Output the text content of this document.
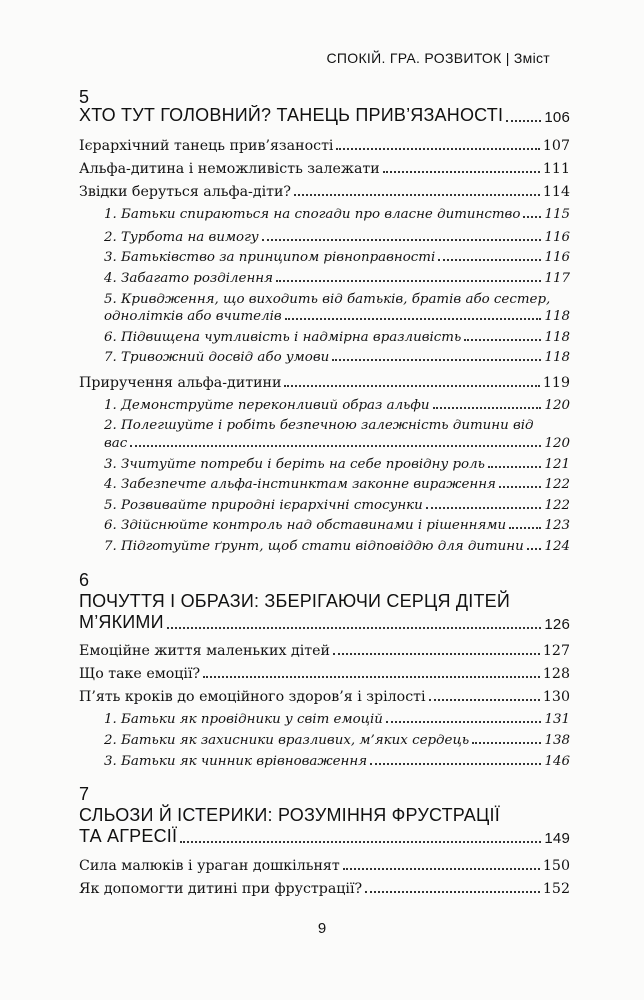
СПОКІЙ. ГРА. РОЗВИТОК | Зміст
5
ХТО ТУТ ГОЛОВНИЙ? ТАНЕЦЬ ПРИВ’ЯЗАНОСТІ	106
Ієрархічний танець прив’язаності	107
Альфа-дитина і неможливість залежати	111
Звідки беруться альфа-діти?	114
1. Батьки спираються на спогади про власне дитинство 115
2. Турбота на вимогу	116
3. Батьківство за принципом рівноправності	116
4. Забагато розділення	117
5. Кривдження, що виходить від батьків, братів або сестер,
однолітків або вчителів	118
6. Підвищена чутливість і надмірна вразливість	118
7. Тривожний досвід або умови	118
Приручення альфа-дитини	119
1. Демонструйте переконливий образ альфи	120
2. Полегшуйте і робіть безпечною залежність дитини від
вас	120
3. Зчитуйте потреби і беріть на себе провідну роль	121
4. Забезпечте альфа-інстинктам законне вираження	122
5. Розвивайте природні ієрархічні стосунки	122
6. Здійснюйте контроль над обставинами і рішеннями	123
7. Підготуйте ґрунт, щоб стати відповіддю для дитини 124
6
ПОЧУТТЯ І ОБРАЗИ: ЗБЕРІГАЮЧИ СЕРЦЯ ДІТЕЙ
М’ЯКИМИ	126
Емоційне життя маленьких дітей	127
Що таке емоції?	128
П’ять кроків до емоційного здоров’я і зрілості	130
1. Батьки як провідники у світ емоцій	131
2. Батьки як захисники вразливих, м’яких сердець	138
3. Батьки як чинник врівноваження	146
7
СЛЬОЗИ Й ІСТЕРИКИ: РОЗУМІННЯ ФРУСТРАЦІЇ
ТА АГРЕСІЇ	149
Сила малюків і ураган дошкільнят	150
Як допомогти дитині при фрустрації?	152
9
